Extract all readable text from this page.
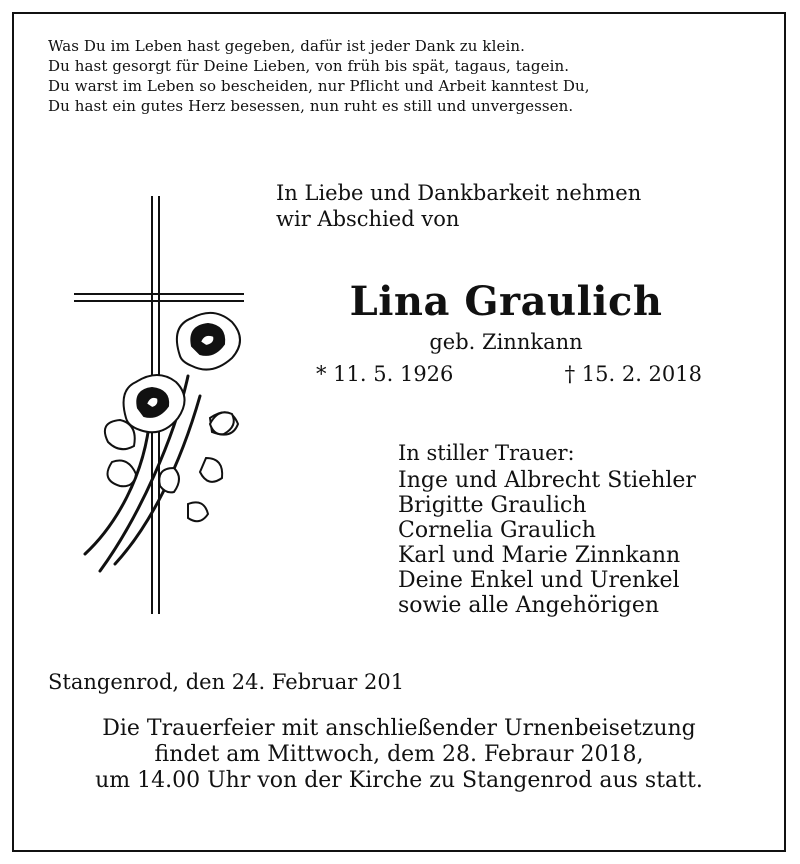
Was Du im Leben hast gegeben, dafür ist jeder Dank zu klein.
Du hast gesorgt für Deine Lieben, von früh bis spät, tagaus, tagein.
Du warst im Leben so bescheiden, nur Pflicht und Arbeit kanntest Du,
Du hast ein gutes Herz besessen, nun ruht es still und unvergessen.
In Liebe und Dankbarkeit nehmen
wir Abschied von
Lina Graulich
geb. Zinnkann
* 11. 5. 1926	† 15. 2. 2018
In stiller Trauer:
Inge und Albrecht Stiehler
Brigitte Graulich
Cornelia Graulich
Karl und Marie Zinnkann
Deine Enkel und Urenkel
sowie alle Angehörigen
Stangenrod, den 24. Februar 201
Die Trauerfeier mit anschließender Urnenbeisetzung
findet am Mittwoch, dem 28. Febraur 2018,
um 14.00 Uhr von der Kirche zu Stangenrod aus statt.
